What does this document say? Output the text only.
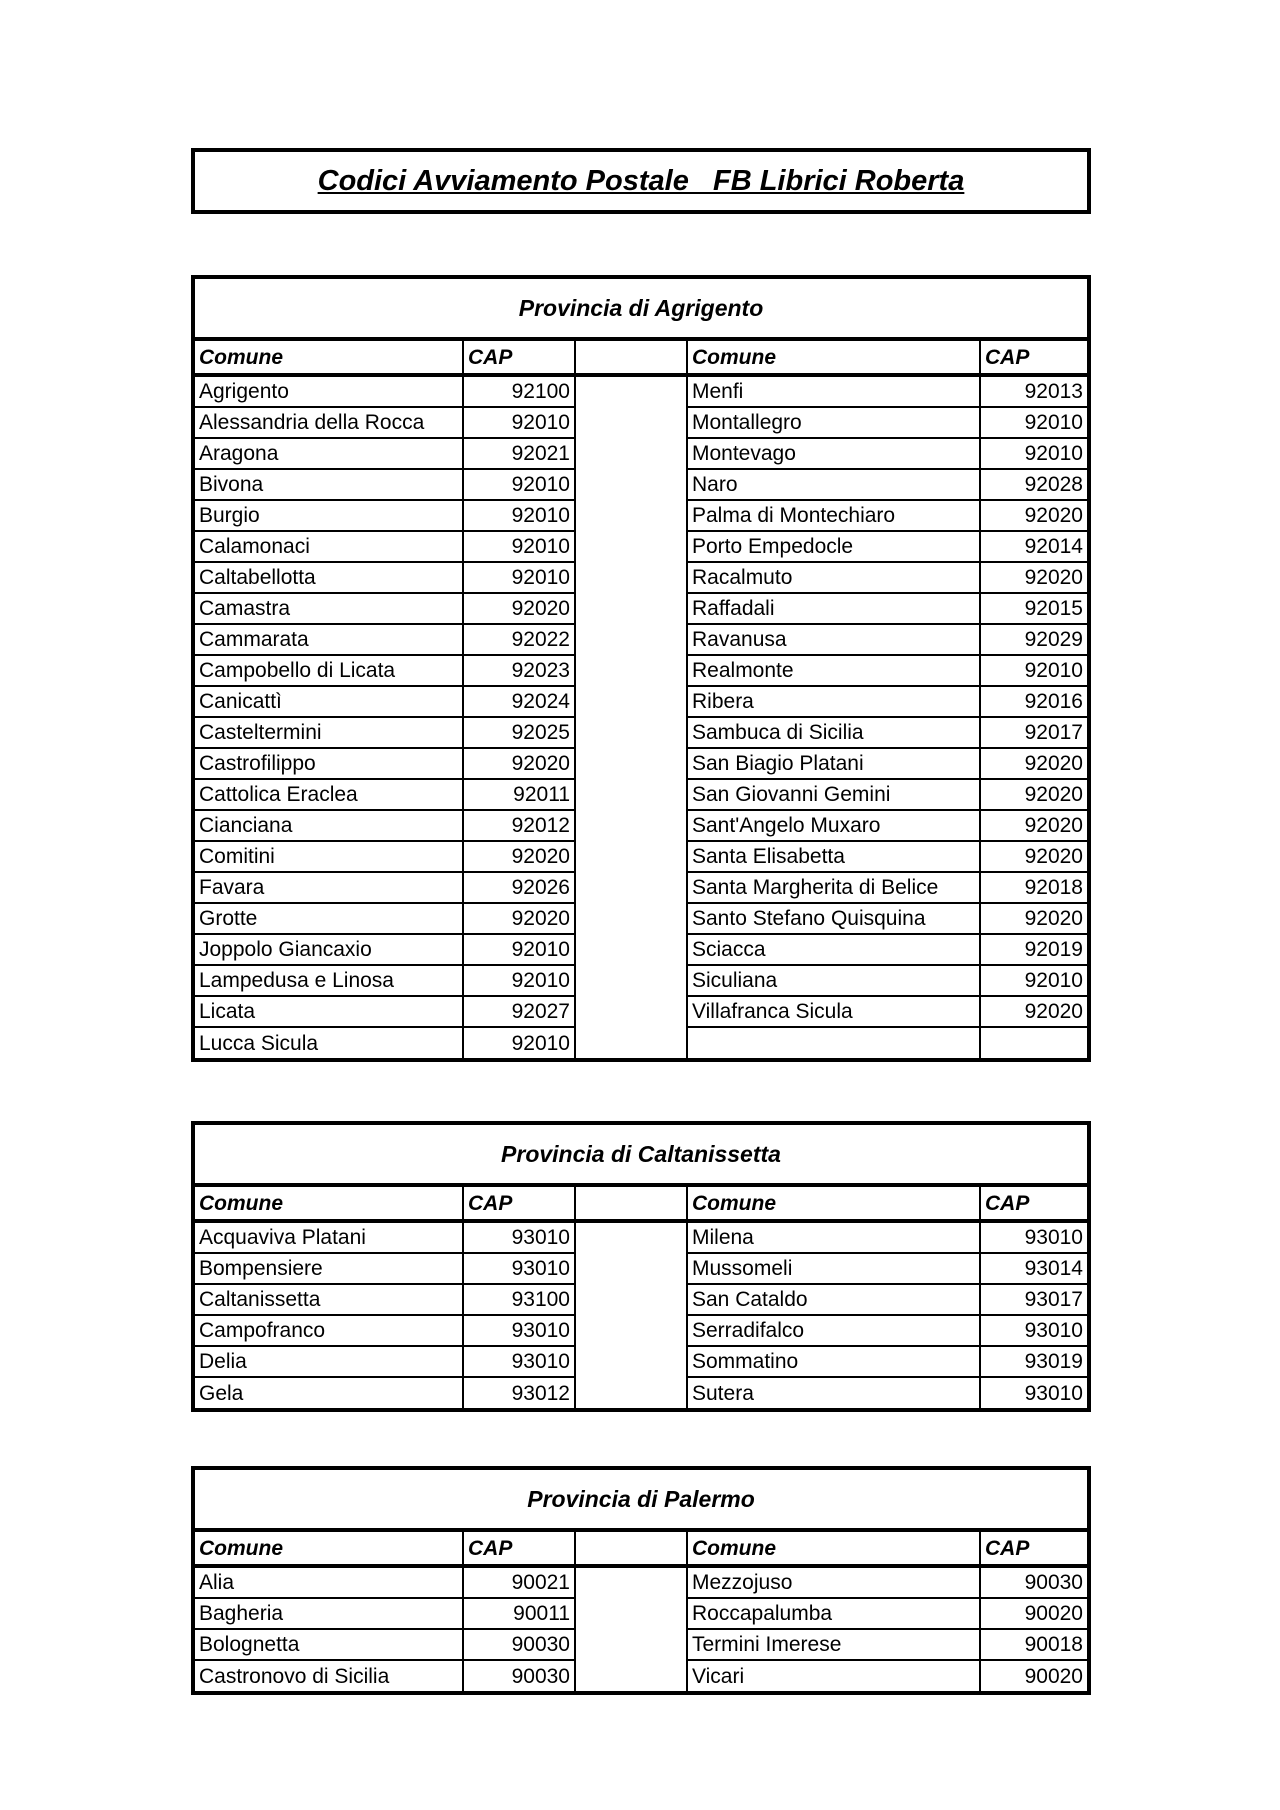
Codici Avviamento Postale   FB Librici Roberta
Provincia di Agrigento
Comune	CAP		Comune	CAP
Agrigento	92100		Menfi	92013
Alessandria della Rocca	92010		Montallegro	92010
Aragona	92021		Montevago	92010
Bivona	92010		Naro	92028
Burgio	92010		Palma di Montechiaro	92020
Calamonaci	92010		Porto Empedocle	92014
Caltabellotta	92010		Racalmuto	92020
Camastra	92020		Raffadali	92015
Cammarata	92022		Ravanusa	92029
Campobello di Licata	92023		Realmonte	92010
Canicattì	92024		Ribera	92016
Casteltermini	92025		Sambuca di Sicilia	92017
Castrofilippo	92020		San Biagio Platani	92020
Cattolica Eraclea	92011		San Giovanni Gemini	92020
Cianciana	92012		Sant'Angelo Muxaro	92020
Comitini	92020		Santa Elisabetta	92020
Favara	92026		Santa Margherita di Belice	92018
Grotte	92020		Santo Stefano Quisquina	92020
Joppolo Giancaxio	92010		Sciacca	92019
Lampedusa e Linosa	92010		Siculiana	92010
Licata	92027		Villafranca Sicula	92020
Lucca Sicula	92010			
Provincia di Caltanissetta
Comune	CAP		Comune	CAP
Acquaviva Platani	93010		Milena	93010
Bompensiere	93010		Mussomeli	93014
Caltanissetta	93100		San Cataldo	93017
Campofranco	93010		Serradifalco	93010
Delia	93010		Sommatino	93019
Gela	93012		Sutera	93010
Provincia di Palermo
Comune	CAP		Comune	CAP
Alia	90021		Mezzojuso	90030
Bagheria	90011		Roccapalumba	90020
Bolognetta	90030		Termini Imerese	90018
Castronovo di Sicilia	90030		Vicari	90020
